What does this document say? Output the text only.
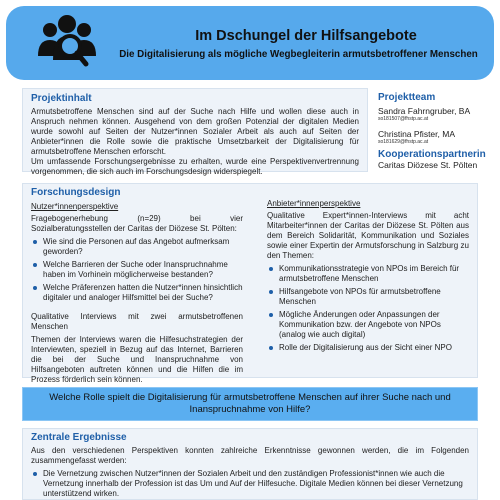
Im Dschungel der Hilfsangebote
Die Digitalisierung als mögliche Wegbegleiterin armutsbetroffener Menschen
Projektinhalt
Armutsbetroffene Menschen sind auf der Suche nach Hilfe und wollen diese auch in Anspruch nehmen können. Ausgehend von dem großen Potenzial der digitalen Medien wurde sowohl auf Seiten der Nutzer*innen Sozialer Arbeit als auch auf Seiten der Anbieter*innen die Rolle sowie die praktische Umsetzbarkeit der Digitalisierung für armutsbetroffene Menschen erforscht.
Um umfassende Forschungsergebnisse zu erhalten, wurde eine Perspektivenvertrennung vorgenommen, die sich auch im Forschungsdesign widerspiegelt.
Projektteam
Sandra Fahrngruber, BA
so181507@fhstp.ac.at
Christina Pfister, MA
so181629@fhstp.ac.at
Kooperationspartnerin
Caritas Diözese St. Pölten
Forschungsdesign
Nutzer*innenperspektive
Fragebogenerhebung (n=29) bei vier Sozialberatungsstellen der Caritas der Diözese St. Pölten:
Wie sind die Personen auf das Angebot aufmerksam geworden?
Welche Barrieren der Suche oder Inanspruchnahme haben im Vorhinein möglicherweise bestanden?
Welche Präferenzen hatten die Nutzer*innen hinsichtlich digitaler und analoger Hilfsmittel bei der Suche?
Qualitative Interviews mit zwei armutsbetroffenen Menschen
Themen der Interviews waren die Hilfesuchstrategien der Interviewten, speziell in Bezug auf das Internet, Barrieren die bei der Suche und Inanspruchnahme von Hilfsangeboten auftreten können und die Hilfen die im Prozess förderlich sein können.
Anbieter*innenperspektive
Qualitative Expert*innen-Interviews mit acht Mitarbeiter*innen der Caritas der Diözese St. Pölten aus dem Bereich Solidarität, Kommunikation und Soziales sowie einer Expertin der Armutsforschung in Salzburg zu den Themen:
Kommunikationsstrategie von NPOs im Bereich für armutsbetroffene Menschen
Hilfsangebote von NPOs für armutsbetroffene Menschen
Mögliche Änderungen oder Anpassungen der Kommunikation bzw. der Angebote von NPOs (analog wie auch digital)
Rolle der Digitalisierung aus der Sicht einer NPO
Welche Rolle spielt die Digitalisierung für armutsbetroffene Menschen auf ihrer Suche nach und Inanspruchnahme von Hilfe?
Zentrale Ergebnisse
Aus den verschiedenen Perspektiven konnten zahlreiche Erkenntnisse gewonnen werden, die im Folgenden zusammengefasst werden:
Die Vernetzung zwischen Nutzer*innen der Sozialen Arbeit und den zuständigen Professionist*innen wie auch die Vernetzung innerhalb der Profession ist das Um und Auf der Hilfesuche. Digitale Medien können bei dieser Vernetzung unterstützend wirken.
